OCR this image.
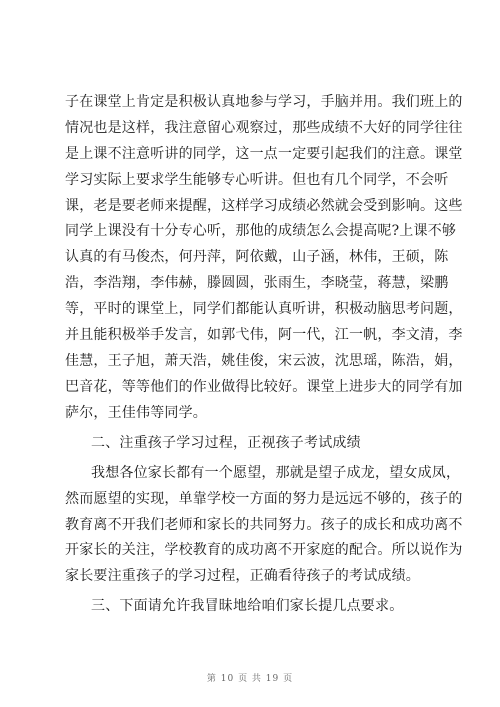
子在课堂上肯定是积极认真地参与学习，手脑并用。我们班上的
情况也是这样，我注意留心观察过，那些成绩不大好的同学往往
是上课不注意听讲的同学，这一点一定要引起我们的注意。课堂
学习实际上要求学生能够专心听讲。但也有几个同学，不会听
课，老是要老师来提醒，这样学习成绩必然就会受到影响。这些
同学上课没有十分专心听，那他的成绩怎么会提高呢?上课不够
认真的有马俊杰，何丹萍，阿依戴，山子涵，林伟，王硕，陈
浩，李浩翔，李伟赫，滕圆圆，张雨生，李晓莹，蒋慧，梁鹏
等，平时的课堂上，同学们都能认真听讲，积极动脑思考问题，
并且能积极举手发言，如郭弋伟，阿一代，江一帆，李文清，李
佳慧，王子旭，萧天浩，姚佳俊，宋云波，沈思瑶，陈浩，娟，
巴音花，等等他们的作业做得比较好。课堂上进步大的同学有加
萨尔，王佳伟等同学。
二、注重孩子学习过程，正视孩子考试成绩
我想各位家长都有一个愿望，那就是望子成龙，望女成凤，
然而愿望的实现，单靠学校一方面的努力是远远不够的，孩子的
教育离不开我们老师和家长的共同努力。孩子的成长和成功离不
开家长的关注，学校教育的成功离不开家庭的配合。所以说作为
家长要注重孩子的学习过程，正确看待孩子的考试成绩。
三、下面请允许我冒昧地给咱们家长提几点要求。
第 10 页 共 19 页
